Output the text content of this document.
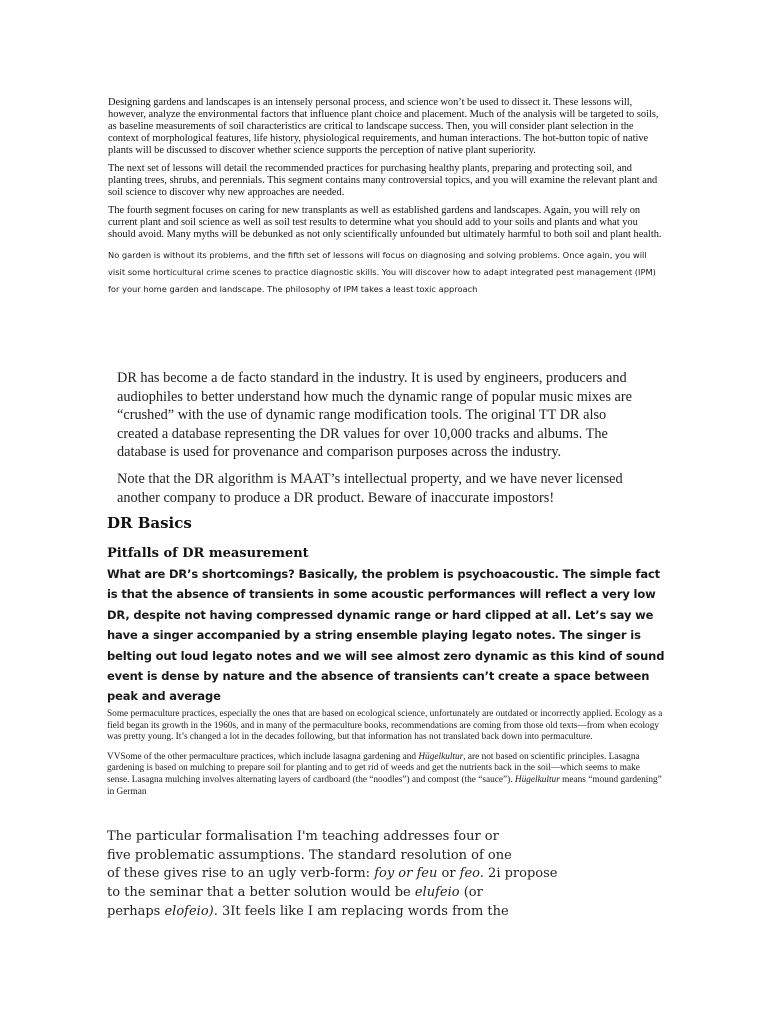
Designing gardens and landscapes is an intensely personal process, and science won’t be used to dissect it. These lessons will, however, analyze the environmental factors that influence plant choice and placement. Much of the analysis will be targeted to soils, as baseline measurements of soil characteristics are critical to landscape success. Then, you will consider plant selection in the context of morphological features, life history, physiological requirements, and human interactions. The hot-button topic of native plants will be discussed to discover whether science supports the perception of native plant superiority.

The next set of lessons will detail the recommended practices for purchasing healthy plants, preparing and protecting soil, and planting trees, shrubs, and perennials. This segment contains many controversial topics, and you will examine the relevant plant and soil science to discover why new approaches are needed.

The fourth segment focuses on caring for new transplants as well as established gardens and landscapes. Again, you will rely on current plant and soil science as well as soil test results to determine what you should add to your soils and plants and what you should avoid. Many myths will be debunked as not only scientifically unfounded but ultimately harmful to both soil and plant health.

No garden is without its problems, and the fifth set of lessons will focus on diagnosing and solving problems. Once again, you will visit some horticultural crime scenes to practice diagnostic skills. You will discover how to adapt integrated pest management (IPM) for your home garden and landscape. The philosophy of IPM takes a least toxic approach

DR has become a de facto standard in the industry. It is used by engineers, producers and audiophiles to better understand how much the dynamic range of popular music mixes are “crushed” with the use of dynamic range modification tools. The original TT DR also created a database representing the DR values for over 10,000 tracks and albums. The database is used for provenance and comparison purposes across the industry.

Note that the DR algorithm is MAAT’s intellectual property, and we have never licensed another company to produce a DR product. Beware of inaccurate impostors!

DR Basics
Pitfalls of DR measurement
What are DR’s shortcomings? Basically, the problem is psychoacoustic. The simple fact is that the absence of transients in some acoustic performances will reflect a very low DR, despite not having compressed dynamic range or hard clipped at all. Let’s say we have a singer accompanied by a string ensemble playing legato notes. The singer is belting out loud legato notes and we will see almost zero dynamic as this kind of sound event is dense by nature and the absence of transients can’t create a space between peak and average

Some permaculture practices, especially the ones that are based on ecological science, unfortunately are outdated or incorrectly applied. Ecology as a field began its growth in the 1960s, and in many of the permaculture books, recommendations are coming from those old texts—from when ecology was pretty young. It’s changed a lot in the decades following, but that information has not translated back down into permaculture.

VVSome of the other permaculture practices, which include lasagna gardening and Hügelkultur, are not based on scientific principles. Lasagna gardening is based on mulching to prepare soil for planting and to get rid of weeds and get the nutrients back in the soil—which seems to make sense. Lasagna mulching involves alternating layers of cardboard (the “noodles”) and compost (the “sauce”). Hügelkultur means “mound gardening” in German

The particular formalisation I'm teaching addresses four or
five problematic assumptions. The standard resolution of one
of these gives rise to an ugly verb-form: foy or feu or feo. 2i propose
to the seminar that a better solution would be elufeio (or
perhaps elofeio). 3It feels like I am replacing words from the
